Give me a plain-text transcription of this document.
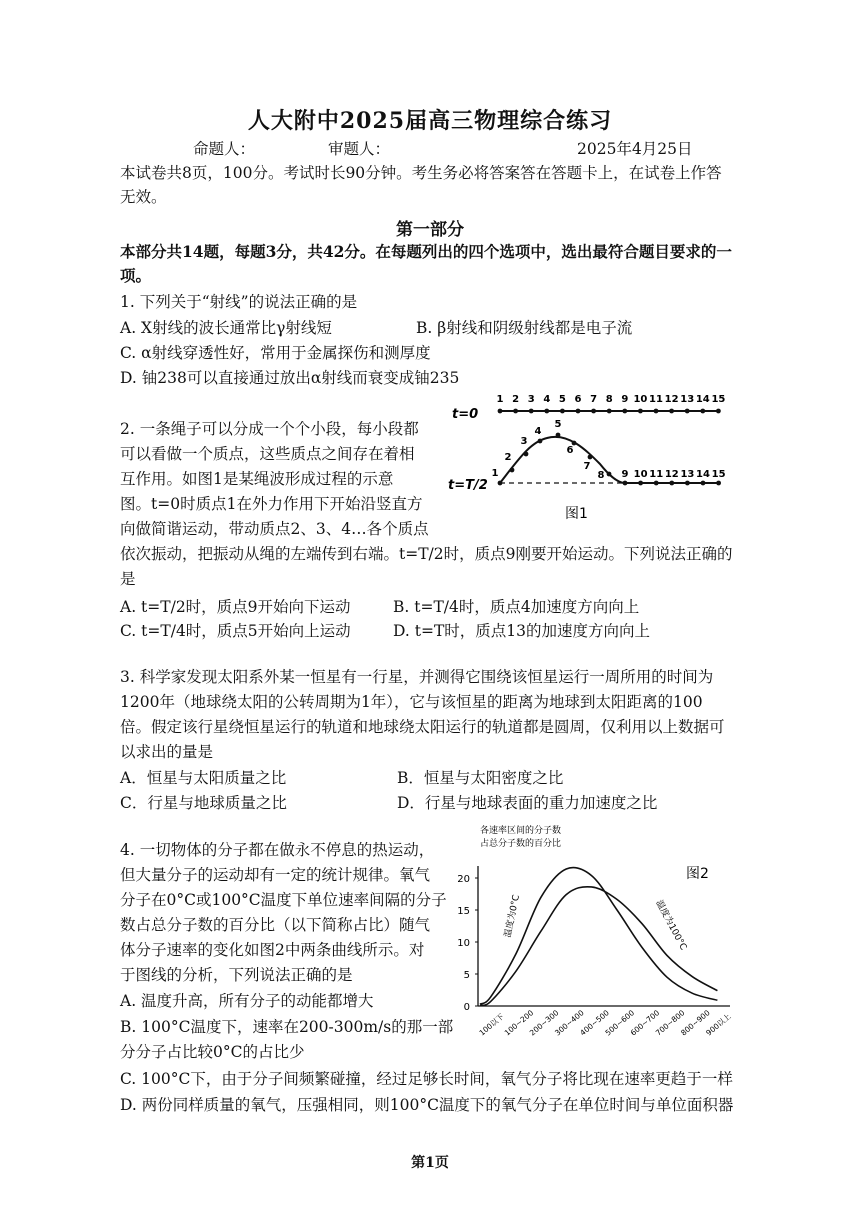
人大附中2025届高三物理综合练习
命题人：	审题人：	2025年4月25日
本试卷共8页，100分。考试时长90分钟。考生务必将答案答在答题卡上，在试卷上作答
无效。
第一部分
本部分共14题，每题3分，共42分。在每题列出的四个选项中，选出最符合题目要求的一
项。
1. 下列关于“射线”的说法正确的是
A. X射线的波长通常比γ射线短	B. β射线和阴级射线都是电子流
C. α射线穿透性好，常用于金属探伤和测厚度
D. 铀238可以直接通过放出α射线而衰变成铀235
2. 一条绳子可以分成一个个小段，每小段都
可以看做一个质点，这些质点之间存在着相
互作用。如图1是某绳波形成过程的示意
图。t=0时质点1在外力作用下开始沿竖直方
向做简谐运动，带动质点2、3、4…各个质点
依次振动，把振动从绳的左端传到右端。t=T/2时，质点9刚要开始运动。下列说法正确的
是
A. t=T/2时，质点9开始向下运动	B. t=T/4时，质点4加速度方向向上
C. t=T/4时，质点5开始向上运动	D. t=T时，质点13的加速度方向向上
t=0
1 2 3 4 5 6 7 8 9 10 11 12 13 14 15
t=T/2
1
2
3
4
5
6
7
8 9 10 11 12 13 14 15
图1
3. 科学家发现太阳系外某一恒星有一行星，并测得它围绕该恒星运行一周所用的时间为
1200年（地球绕太阳的公转周期为1年），它与该恒星的距离为地球到太阳距离的100
倍。假定该行星绕恒星运行的轨道和地球绕太阳运行的轨道都是圆周，仅利用以上数据可
以求出的量是
A．恒星与太阳质量之比	B．恒星与太阳密度之比
C．行星与地球质量之比	D．行星与地球表面的重力加速度之比
4. 一切物体的分子都在做永不停息的热运动，
但大量分子的运动却有一定的统计规律。氧气
分子在0°C或100°C温度下单位速率间隔的分子
数占总分子数的百分比（以下简称占比）随气
体分子速率的变化如图2中两条曲线所示。对
于图线的分析，下列说法正确的是
A. 温度升高，所有分子的动能都增大
B. 100°C温度下，速率在200-300m/s的那一部
分分子占比较0°C的占比少
C. 100°C下，由于分子间频繁碰撞，经过足够长时间，氧气分子将比现在速率更趋于一样
D. 两份同样质量的氧气，压强相同，则100°C温度下的氧气分子在单位时间与单位面积器
各速率区间的分子数
占总分子数的百分比
图2
20
15
10
5
0
100以下
100~200
200~300
300~400
400~500
500~600
600~700
700~800
800~900
900以上
温度为0°C	温度为100°C
第1页
